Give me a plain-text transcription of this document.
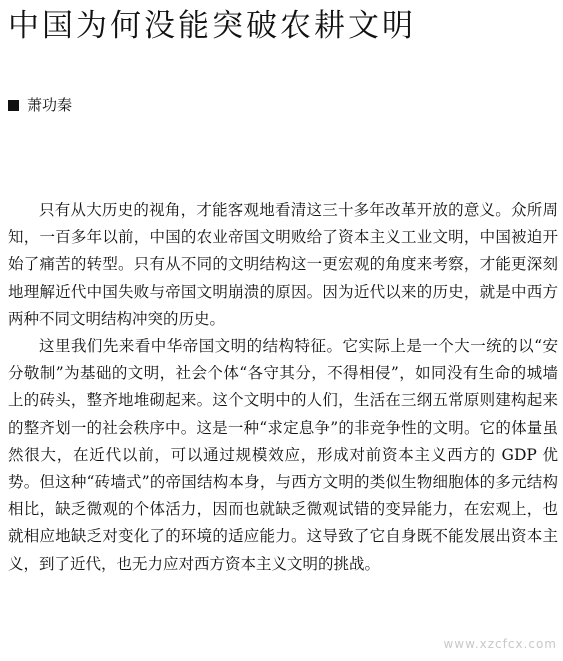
中国为何没能突破农耕文明
萧功秦

只有从大历史的视角，才能客观地看清这三十多年改革开放的意义。众所周知，一百多年以前，中国的农业帝国文明败给了资本主义工业文明，中国被迫开始了痛苦的转型。只有从不同的文明结构这一更宏观的角度来考察，才能更深刻地理解近代中国失败与帝国文明崩溃的原因。因为近代以来的历史，就是中西方两种不同文明结构冲突的历史。

这里我们先来看中华帝国文明的结构特征。它实际上是一个大一统的以“安分敬制”为基础的文明，社会个体“各守其分，不得相侵”，如同没有生命的城墙上的砖头，整齐地堆砌起来。这个文明中的人们，生活在三纲五常原则建构起来的整齐划一的社会秩序中。这是一种“求定息争”的非竞争性的文明。它的体量虽然很大，在近代以前，可以通过规模效应，形成对前资本主义西方的 GDP 优势。但这种“砖墙式”的帝国结构本身，与西方文明的类似生物细胞体的多元结构相比，缺乏微观的个体活力，因而也就缺乏微观试错的变异能力，在宏观上，也就相应地缺乏对变化了的环境的适应能力。这导致了它自身既不能发展出资本主义，到了近代，也无力应对西方资本主义文明的挑战。

www.xzcfcx.com
